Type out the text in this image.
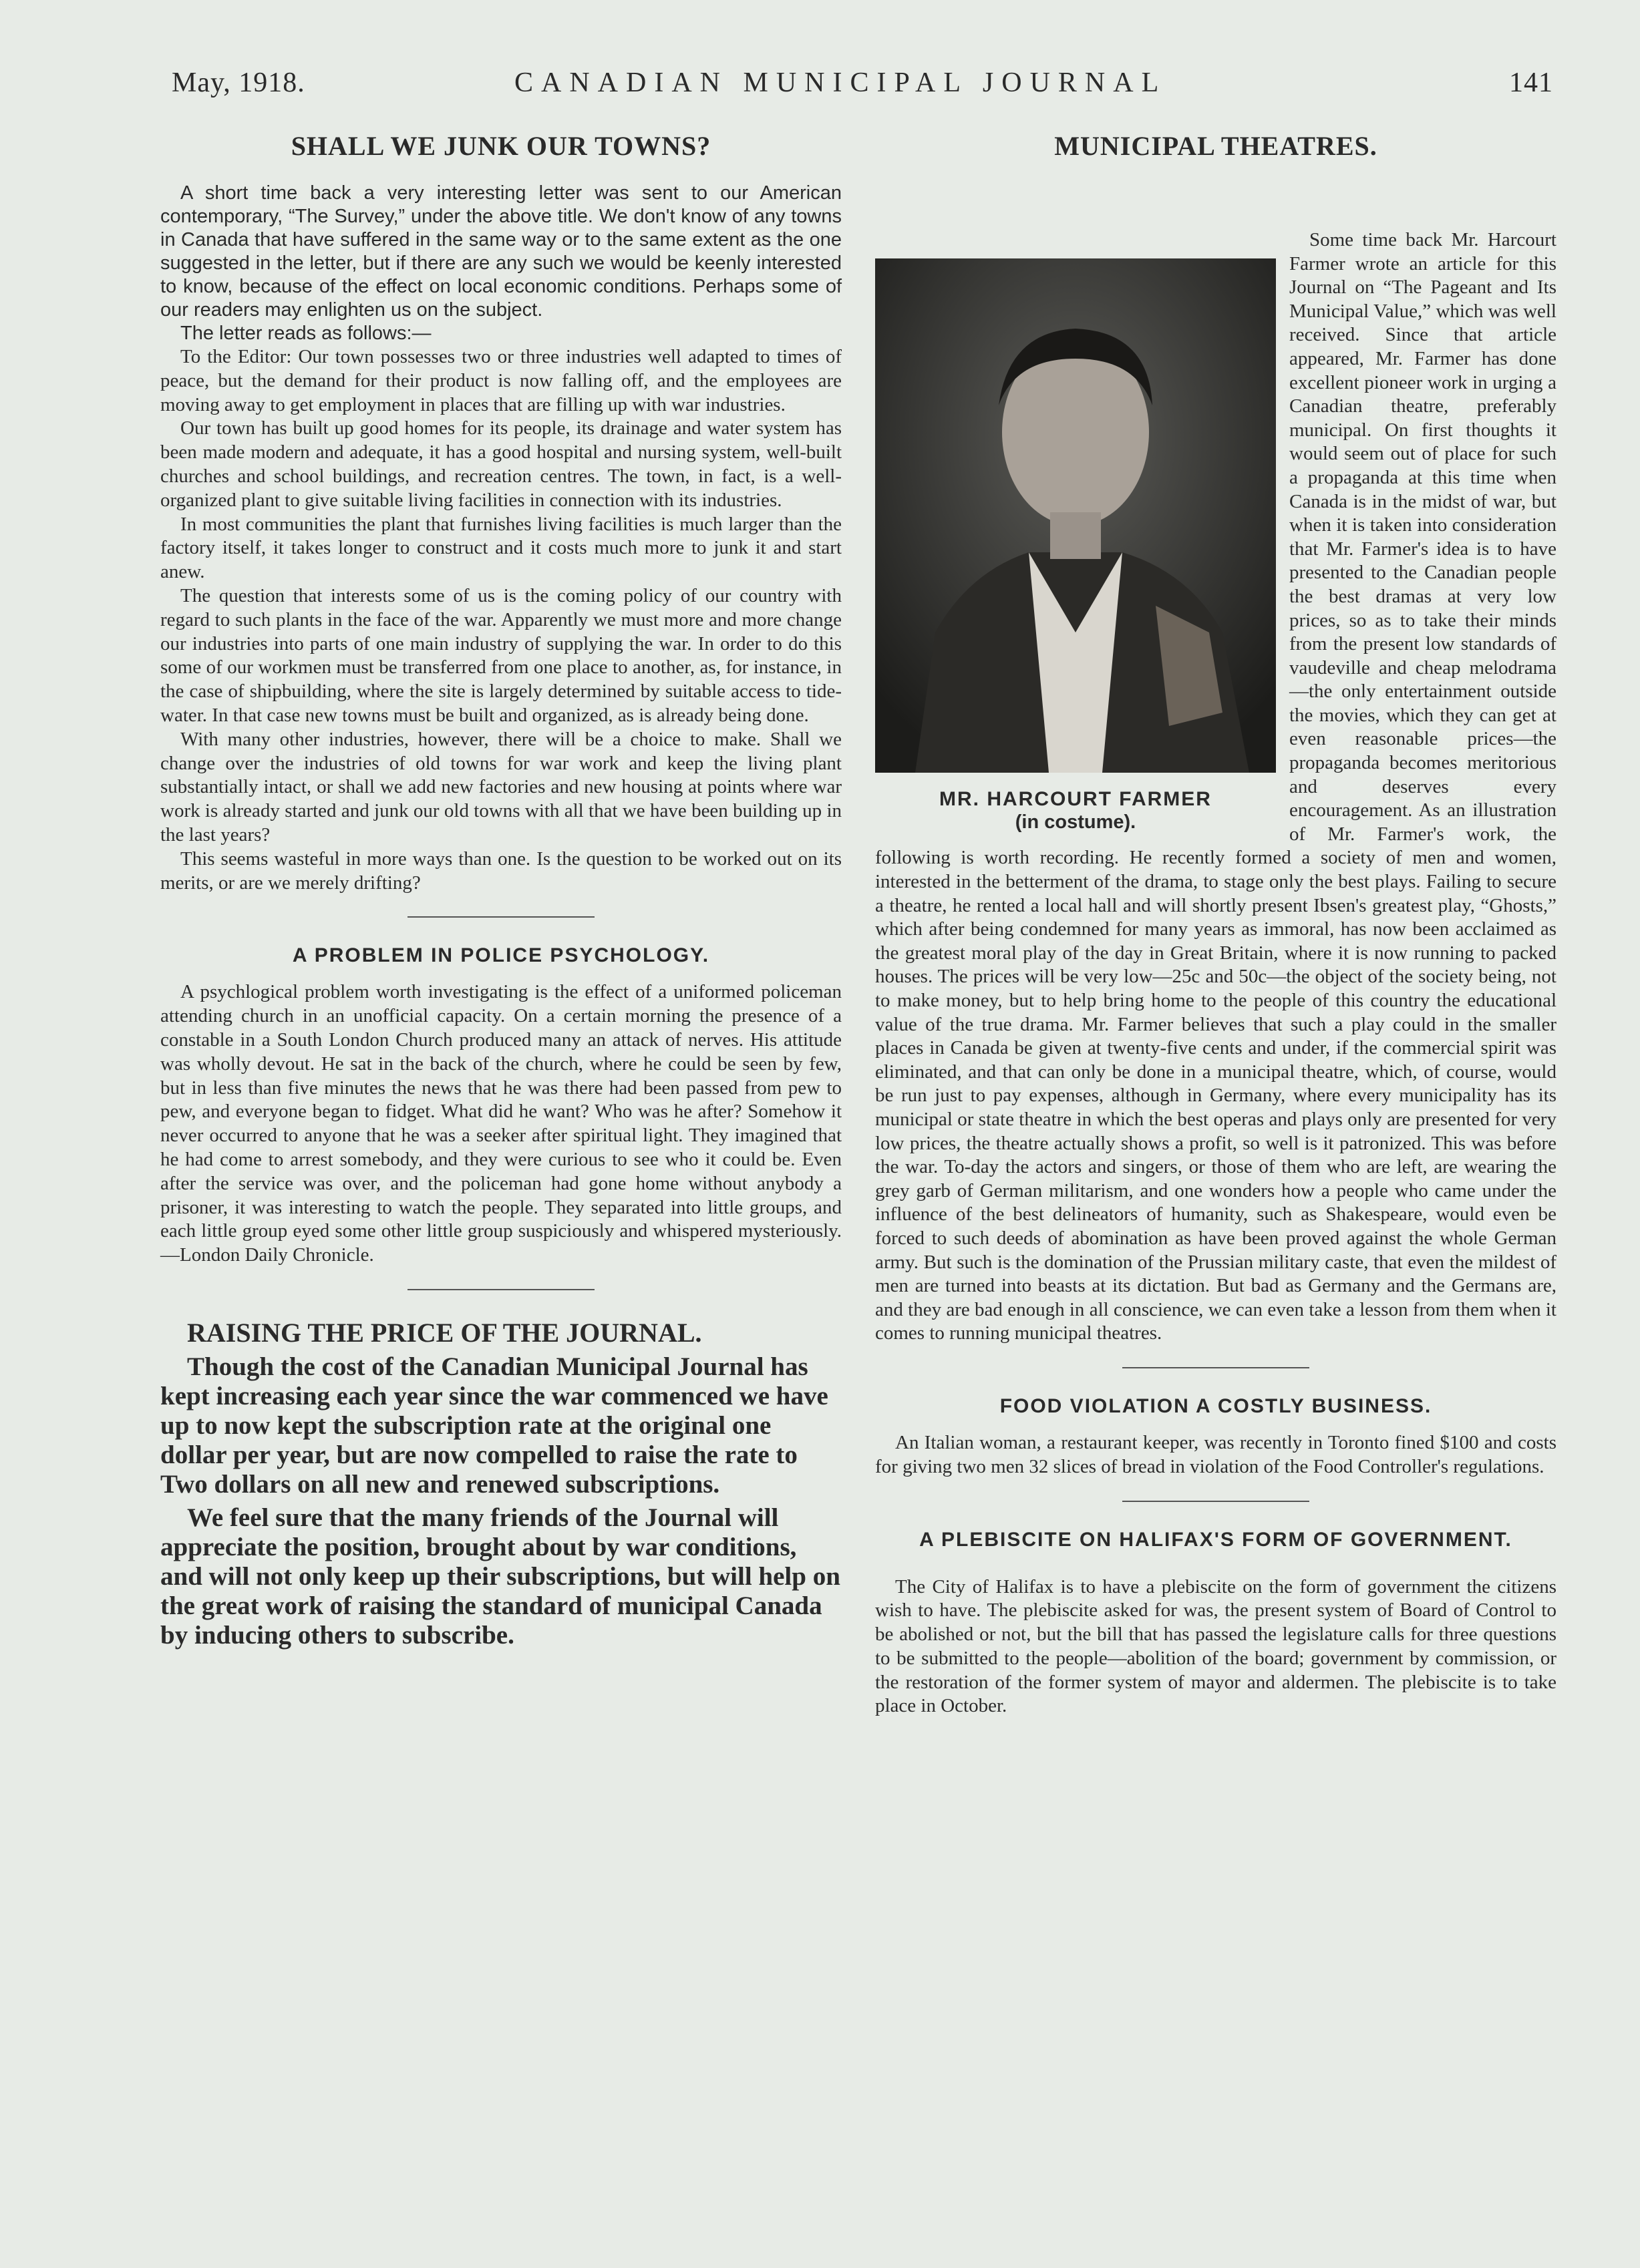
May, 1918.	CANADIAN MUNICIPAL JOURNAL	141
SHALL WE JUNK OUR TOWNS?

A short time back a very interesting letter was sent to our American contemporary, “The Survey,” under the above title. We don't know of any towns in Canada that have suffered in the same way or to the same extent as the one suggested in the letter, but if there are any such we would be keenly interested to know, because of the effect on local economic conditions. Perhaps some of our readers may enlighten us on the subject.

The letter reads as follows:—

To the Editor: Our town possesses two or three industries well adapted to times of peace, but the demand for their product is now falling off, and the employees are moving away to get employment in places that are filling up with war industries.

Our town has built up good homes for its people, its drainage and water system has been made modern and adequate, it has a good hospital and nursing system, well-built churches and school buildings, and recreation centres. The town, in fact, is a well-organized plant to give suitable living facilities in connection with its industries.

In most communities the plant that furnishes living facilities is much larger than the factory itself, it takes longer to construct and it costs much more to junk it and start anew.

The question that interests some of us is the coming policy of our country with regard to such plants in the face of the war. Apparently we must more and more change our industries into parts of one main industry of supplying the war. In order to do this some of our workmen must be transferred from one place to another, as, for instance, in the case of shipbuilding, where the site is largely determined by suitable access to tide-water. In that case new towns must be built and organized, as is already being done.

With many other industries, however, there will be a choice to make. Shall we change over the industries of old towns for war work and keep the living plant substantially intact, or shall we add new factories and new housing at points where war work is already started and junk our old towns with all that we have been building up in the last years?

This seems wasteful in more ways than one. Is the question to be worked out on its merits, or are we merely drifting?

A PROBLEM IN POLICE PSYCHOLOGY.

A psychlogical problem worth investigating is the effect of a uniformed policeman attending church in an unofficial capacity. On a certain morning the presence of a constable in a South London Church produced many an attack of nerves. His attitude was wholly devout. He sat in the back of the church, where he could be seen by few, but in less than five minutes the news that he was there had been passed from pew to pew, and everyone began to fidget. What did he want? Who was he after? Somehow it never occurred to anyone that he was a seeker after spiritual light. They imagined that he had come to arrest somebody, and they were curious to see who it could be. Even after the service was over, and the policeman had gone home without anybody a prisoner, it was interesting to watch the people. They separated into little groups, and each little group eyed some other little group suspiciously and whispered mysteriously.—London Daily Chronicle.

RAISING THE PRICE OF THE JOURNAL.

Though the cost of the Canadian Municipal Journal has kept increasing each year since the war commenced we have up to now kept the subscription rate at the original one dollar per year, but are now compelled to raise the rate to Two dollars on all new and renewed subscriptions.

We feel sure that the many friends of the Journal will appreciate the position, brought about by war conditions, and will not only keep up their subscriptions, but will help on the great work of raising the standard of municipal Canada by inducing others to subscribe.

MUNICIPAL THEATRES.
MR. HARCOURT FARMER
(in costume).

Some time back Mr. Harcourt Farmer wrote an article for this Journal on “The Pageant and Its Municipal Value,” which was well received. Since that article appeared, Mr. Farmer has done excellent pioneer work in urging a Canadian theatre, preferably municipal. On first thoughts it would seem out of place for such a propaganda at this time when Canada is in the midst of war, but when it is taken into consideration that Mr. Farmer's idea is to have presented to the Canadian people the best dramas at very low prices, so as to take their minds from the present low standards of vaudeville and cheap melodrama—the only entertainment outside the movies, which they can get at even reasonable prices—the propaganda becomes meritorious and deserves every encouragement. As an illustration of Mr. Farmer's work, the following is worth recording. He recently formed a society of men and women, interested in the betterment of the drama, to stage only the best plays. Failing to secure a theatre, he rented a local hall and will shortly present Ibsen's greatest play, “Ghosts,” which after being condemned for many years as immoral, has now been acclaimed as the greatest moral play of the day in Great Britain, where it is now running to packed houses. The prices will be very low—25c and 50c—the object of the society being, not to make money, but to help bring home to the people of this country the educational value of the true drama. Mr. Farmer believes that such a play could in the smaller places in Canada be given at twenty-five cents and under, if the commercial spirit was eliminated, and that can only be done in a municipal theatre, which, of course, would be run just to pay expenses, although in Germany, where every municipality has its municipal or state theatre in which the best operas and plays only are presented for very low prices, the theatre actually shows a profit, so well is it patronized. This was before the war. To-day the actors and singers, or those of them who are left, are wearing the grey garb of German militarism, and one wonders how a people who came under the influence of the best delineators of humanity, such as Shakespeare, would even be forced to such deeds of abomination as have been proved against the whole German army. But such is the domination of the Prussian military caste, that even the mildest of men are turned into beasts at its dictation. But bad as Germany and the Germans are, and they are bad enough in all conscience, we can even take a lesson from them when it comes to running municipal theatres.

FOOD VIOLATION A COSTLY BUSINESS.

An Italian woman, a restaurant keeper, was recently in Toronto fined $100 and costs for giving two men 32 slices of bread in violation of the Food Controller's regulations.

A PLEBISCITE ON HALIFAX'S FORM OF GOVERNMENT.

The City of Halifax is to have a plebiscite on the form of government the citizens wish to have. The plebiscite asked for was, the present system of Board of Control to be abolished or not, but the bill that has passed the legislature calls for three questions to be submitted to the people—abolition of the board; government by commission, or the restoration of the former system of mayor and aldermen. The plebiscite is to take place in October.
